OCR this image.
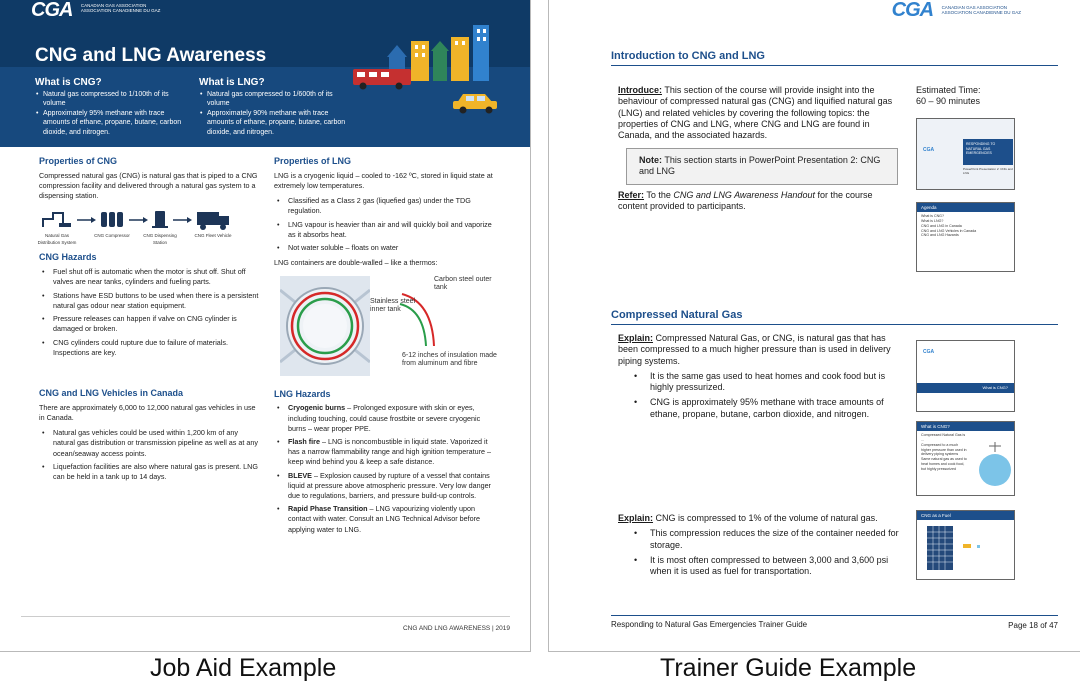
CGA CANADIAN GAS ASSOCIATION
ASSOCIATION CANADIENNE DU GAZ
CNG and LNG Awareness
What is CNG?
• Natural gas compressed to 1/100th of its volume
• Approximately 95% methane with trace amounts of ethane, propane, butane, carbon dioxide, and nitrogen.
What is LNG?
• Natural gas compressed to 1/600th of its volume
• Approximately 90% methane with trace amounts of ethane, propane, butane, carbon dioxide, and nitrogen.
Properties of CNG

Compressed natural gas (CNG) is natural gas that is piped to a CNG compression facility and delivered through a natural gas system to a dispensing station.

Natural Gas Distribution System
CNG Compressor	CNG Dispensing Station
CNG Fleet Vehicle
CNG Hazards
• Fuel shut off is automatic when the motor is shut off. Shut off valves are near tanks, cylinders and fueling parts.
• Stations have ESD buttons to be used when there is a persistent natural gas odour near station equipment.
• Pressure releases can happen if valve on CNG cylinder is damaged or broken.
• CNG cylinders could rupture due to failure of materials. Inspections are key.
CNG and LNG Vehicles in Canada

There are approximately 6,000 to 12,000 natural gas vehicles in use in Canada.

• Natural gas vehicles could be used within 1,200 km of any natural gas distribution or transmission pipeline as well as at any ocean/seaway access points.
• Liquefaction facilities are also where natural gas is present. LNG can be held in a tank up to 14 days.
Properties of LNG

LNG is a cryogenic liquid – cooled to -162 ºC, stored in liquid state at extremely low temperatures.

• Classified as a Class 2 gas (liquefied gas) under the TDG regulation.
• LNG vapour is heavier than air and will quickly boil and vaporize as it absorbs heat.
• Not water soluble – floats on water

LNG containers are double-walled – like a thermos:

Carbon steel outer tank
Stainless steel inner tank
6-12 inches of insulation made from aluminum and fibre
LNG Hazards
• Cryogenic burns – Prolonged exposure with skin or eyes, including touching, could cause frostbite or severe cryogenic burns – wear proper PPE.
• Flash fire – LNG is noncombustible in liquid state. Vaporized it has a narrow flammability range and high ignition temperature – keep wind behind you & keep a safe distance.
• BLEVE – Explosion caused by rupture of a vessel that contains liquid at pressure above atmospheric pressure. Very low danger due to regulations, barriers, and pressure build-up controls.
• Rapid Phase Transition – LNG vapourizing violently upon contact with water. Consult an LNG Technical Advisor before applying water to LNG.
CNG AND LNG AWARENESS | 2019
CGA CANADIAN GAS ASSOCIATION
ASSOCIATION CANADIENNE DU GAZ
Introduction to CNG and LNG

Introduce: This section of the course will provide insight into the behaviour of compressed natural gas (CNG) and liquified natural gas (LNG) and related vehicles by covering the following topics: the properties of CNG and LNG, where CNG and LNG are found in Canada, and the associated hazards.

Estimated Time:
60 – 90 minutes
Note: This section starts in PowerPoint Presentation 2: CNG and LNG

Refer: To the CNG and LNG Awareness Handout for the course content provided to participants.

CGA
RESPONDING TO NATURAL GAS EMERGENCIES
PowerPoint Presentation 2: CNG and LNG
Agenda
What is CNG?
What is LNG?
CNG and LNG in Canada
CNG and LNG Vehicles in Canada
CNG and LNG Hazards
Compressed Natural Gas

Explain: Compressed Natural Gas, or CNG, is natural gas that has been compressed to a much higher pressure than is used in delivery piping systems.

• It is the same gas used to heat homes and cook food but is highly pressurized.
• CNG is approximately 95% methane with trace amounts of ethane, propane, butane, carbon dioxide, and nitrogen.
CGA
What is CNG?
What is CNG?
Compressed Natural Gas is ...
Compressed to a much higher pressure than used in delivery piping systems
Same natural gas as used to heat homes and cook food, but highly pressurized

Explain: CNG is compressed to 1% of the volume of natural gas.

• This compression reduces the size of the container needed for storage.
• It is most often compressed to between 3,000 and 3,600 psi when it is used as fuel for transportation.
CNG as a Fuel
Responding to Natural Gas Emergencies Trainer Guide	Page 18 of 47
Job Aid Example	Trainer Guide Example
